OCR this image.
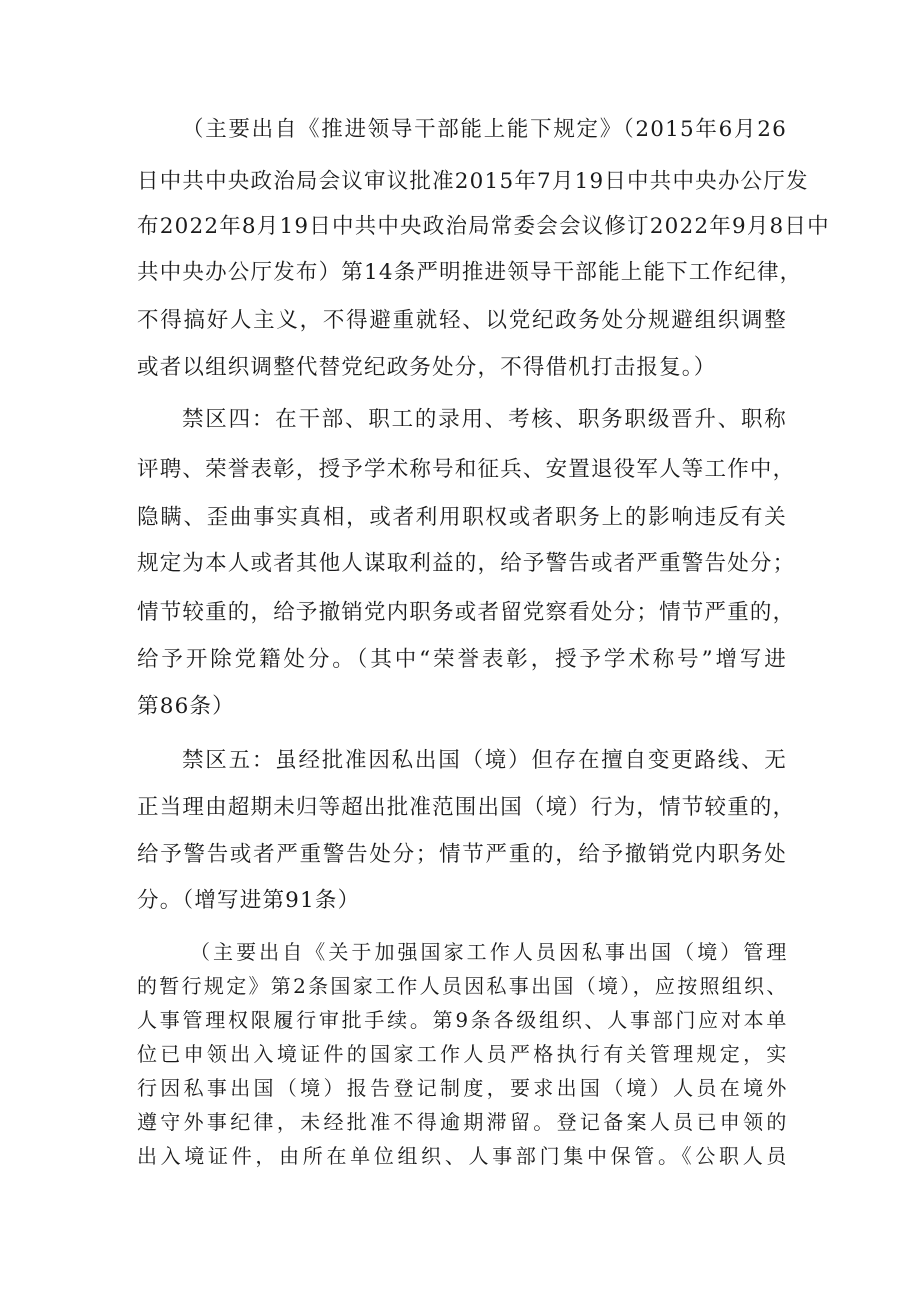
（主要出自《推进领导干部能上能下规定》（2015年6月26
日中共中央政治局会议审议批准2015年7月19日中共中央办公厅发
布2022年8月19日中共中央政治局常委会会议修订2022年9月8日中
共中央办公厅发布）第14条严明推进领导干部能上能下工作纪律，
不得搞好人主义，不得避重就轻、以党纪政务处分规避组织调整
或者以组织调整代替党纪政务处分，不得借机打击报复。）
禁区四：在干部、职工的录用、考核、职务职级晋升、职称
评聘、荣誉表彰，授予学术称号和征兵、安置退役军人等工作中，
隐瞒、歪曲事实真相，或者利用职权或者职务上的影响违反有关
规定为本人或者其他人谋取利益的，给予警告或者严重警告处分；
情节较重的，给予撤销党内职务或者留党察看处分；情节严重的，
给予开除党籍处分。（其中“荣誉表彰，授予学术称号”增写进
第86条）
禁区五：虽经批准因私出国（境）但存在擅自变更路线、无
正当理由超期未归等超出批准范围出国（境）行为，情节较重的，
给予警告或者严重警告处分；情节严重的，给予撤销党内职务处
分。（增写进第91条）
（主要出自《关于加强国家工作人员因私事出国（境）管理
的暂行规定》第2条国家工作人员因私事出国（境），应按照组织、
人事管理权限履行审批手续。第9条各级组织、人事部门应对本单
位已申领出入境证件的国家工作人员严格执行有关管理规定，实
行因私事出国（境）报告登记制度，要求出国（境）人员在境外
遵守外事纪律，未经批准不得逾期滞留。登记备案人员已申领的
出入境证件，由所在单位组织、人事部门集中保管。《公职人员
